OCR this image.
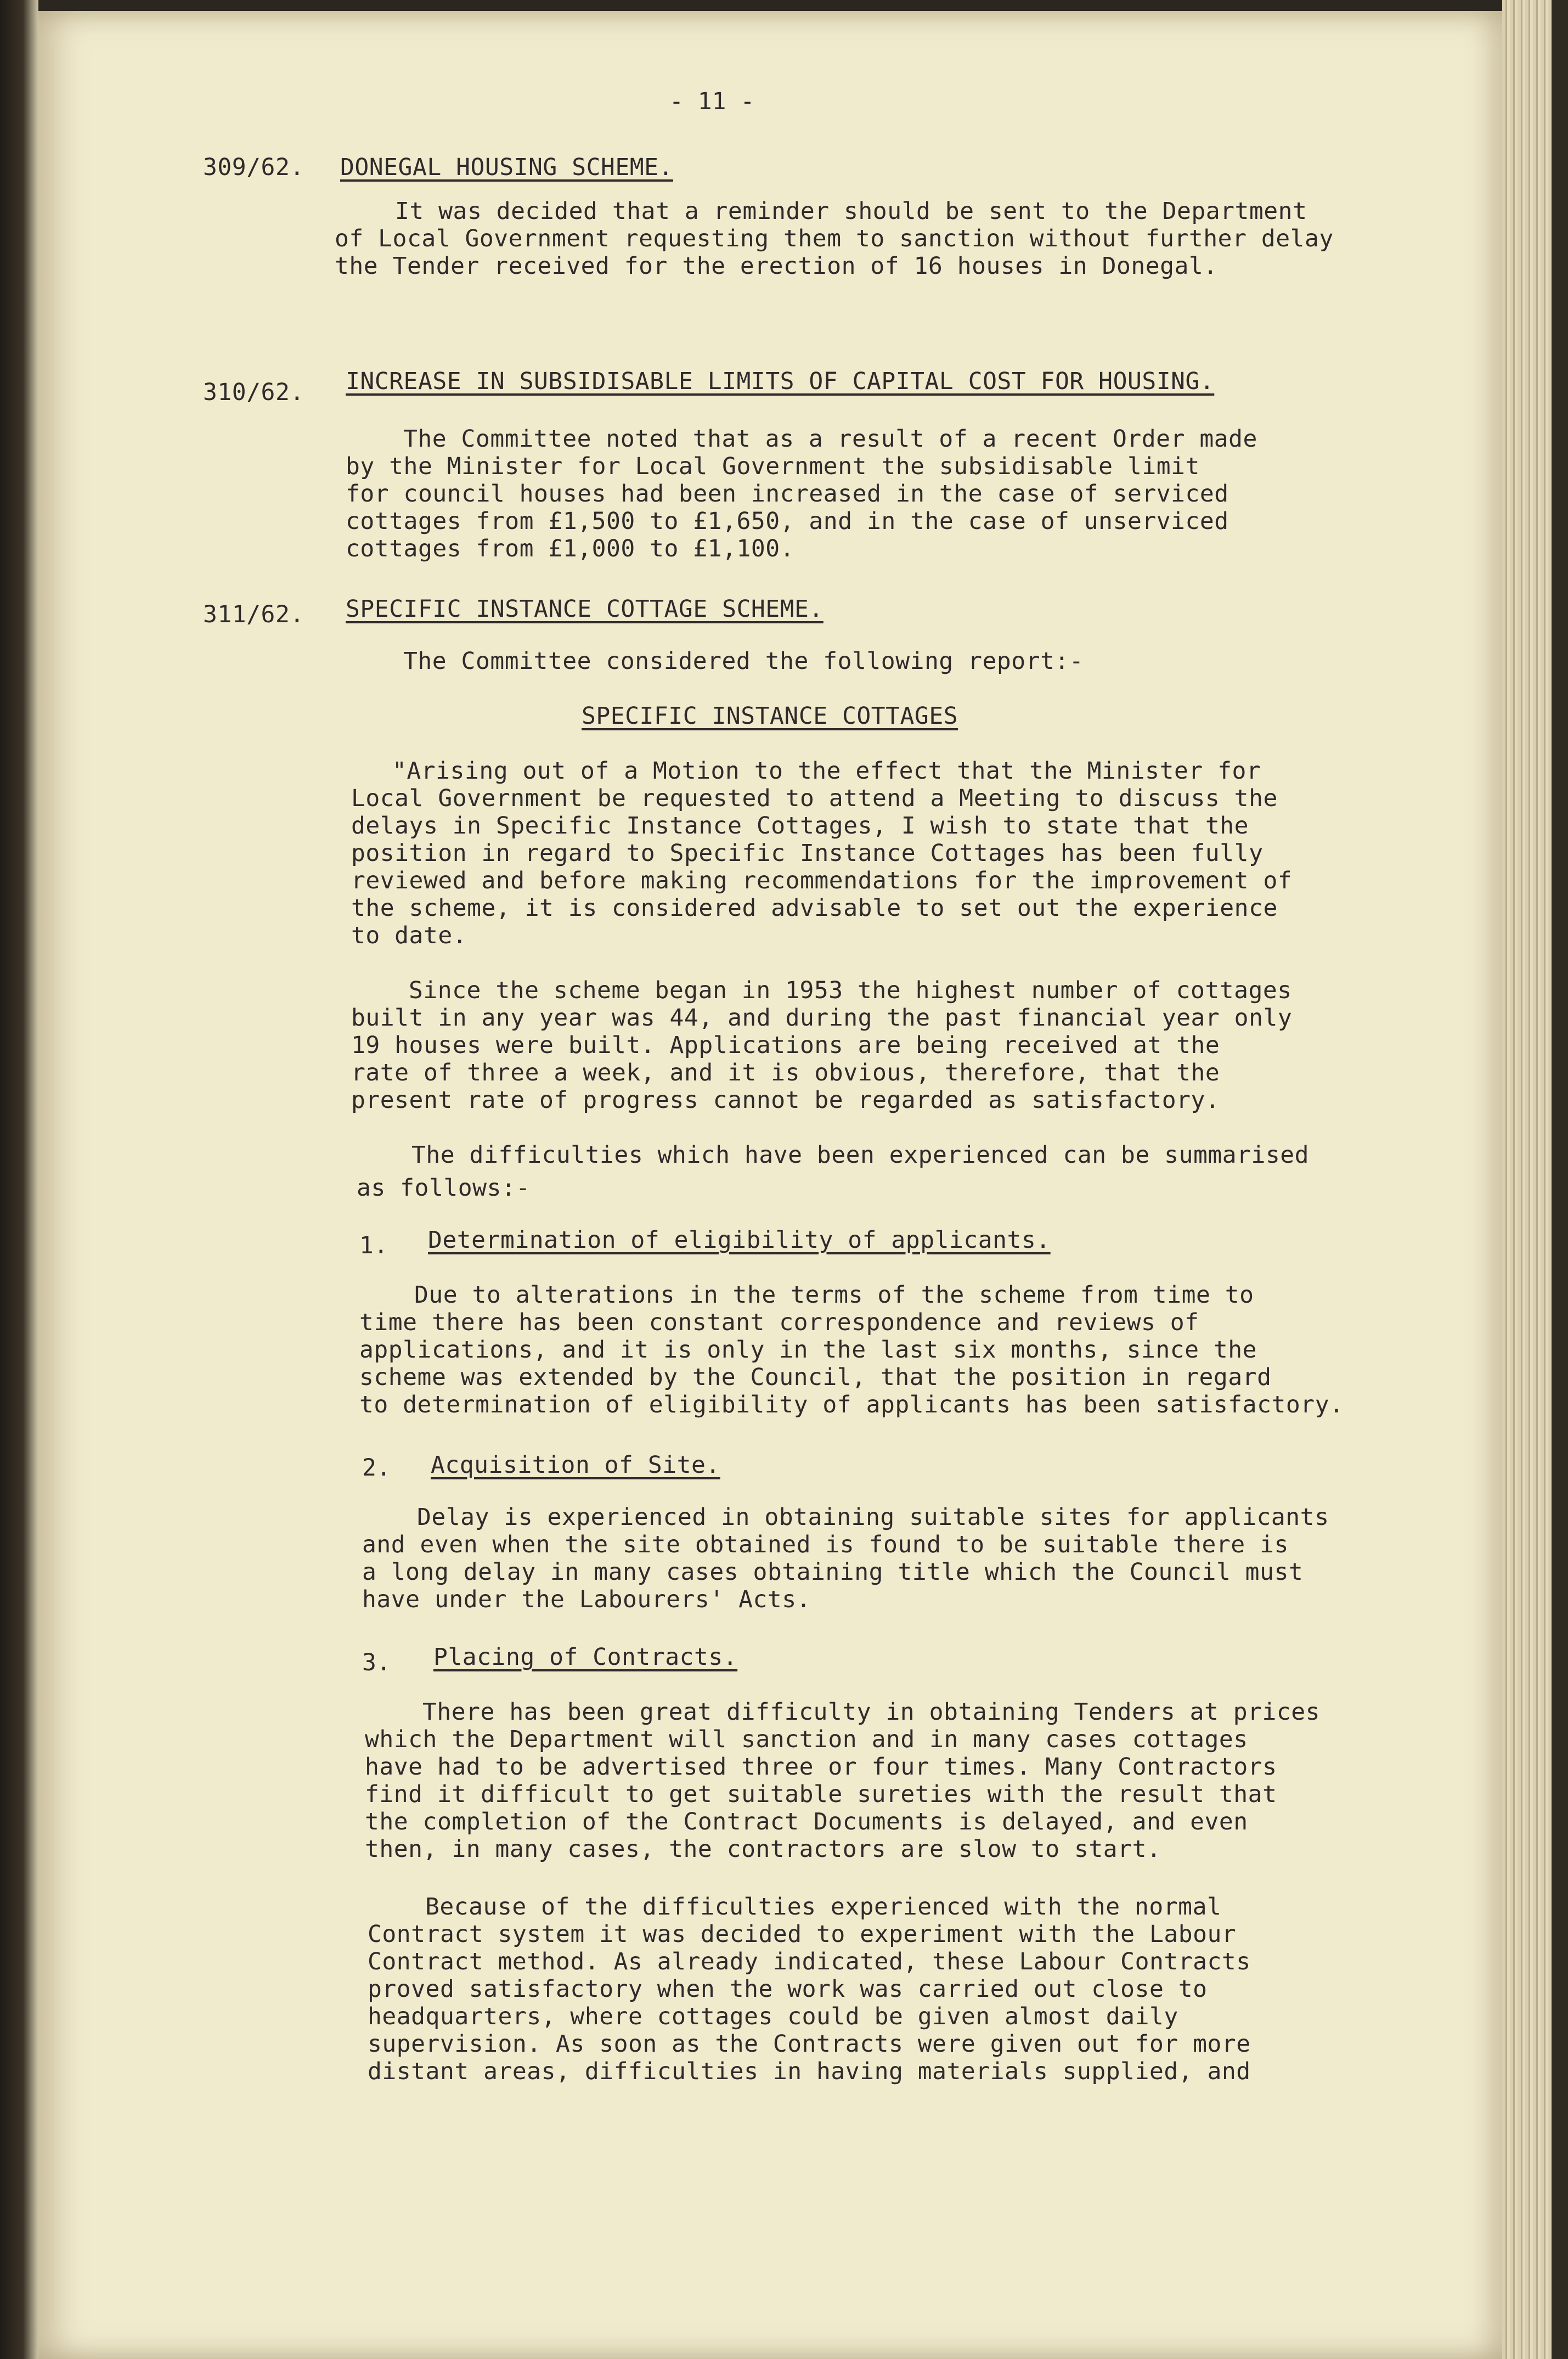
- 11 -
309/62. DONEGAL HOUSING SCHEME.
It was decided that a reminder should be sent to the Department
of Local Government requesting them to sanction without further delay
the Tender received for the erection of 16 houses in Donegal.
310/62. INCREASE IN SUBSIDISABLE LIMITS OF CAPITAL COST FOR HOUSING.
The Committee noted that as a result of a recent Order made
by the Minister for Local Government the subsidisable limit
for council houses had been increased in the case of serviced
cottages from £1,500 to £1,650, and in the case of unserviced
cottages from £1,000 to £1,100.
311/62. SPECIFIC INSTANCE COTTAGE SCHEME.
The Committee considered the following report:-
SPECIFIC INSTANCE COTTAGES
"Arising out of a Motion to the effect that the Minister for
Local Government be requested to attend a Meeting to discuss the
delays in Specific Instance Cottages, I wish to state that the
position in regard to Specific Instance Cottages has been fully
reviewed and before making recommendations for the improvement of
the scheme, it is considered advisable to set out the experience
to date.
Since the scheme began in 1953 the highest number of cottages
built in any year was 44, and during the past financial year only
19 houses were built. Applications are being received at the
rate of three a week, and it is obvious, therefore, that the
present rate of progress cannot be regarded as satisfactory.
The difficulties which have been experienced can be summarised
as follows:-
1. Determination of eligibility of applicants.
Due to alterations in the terms of the scheme from time to
time there has been constant correspondence and reviews of
applications, and it is only in the last six months, since the
scheme was extended by the Council, that the position in regard
to determination of eligibility of applicants has been satisfactory.
2. Acquisition of Site.
Delay is experienced in obtaining suitable sites for applicants
and even when the site obtained is found to be suitable there is
a long delay in many cases obtaining title which the Council must
have under the Labourers' Acts.
3. Placing of Contracts.
There has been great difficulty in obtaining Tenders at prices
which the Department will sanction and in many cases cottages
have had to be advertised three or four times. Many Contractors
find it difficult to get suitable sureties with the result that
the completion of the Contract Documents is delayed, and even
then, in many cases, the contractors are slow to start.
Because of the difficulties experienced with the normal
Contract system it was decided to experiment with the Labour
Contract method. As already indicated, these Labour Contracts
proved satisfactory when the work was carried out close to
headquarters, where cottages could be given almost daily
supervision. As soon as the Contracts were given out for more
distant areas, difficulties in having materials supplied, and
